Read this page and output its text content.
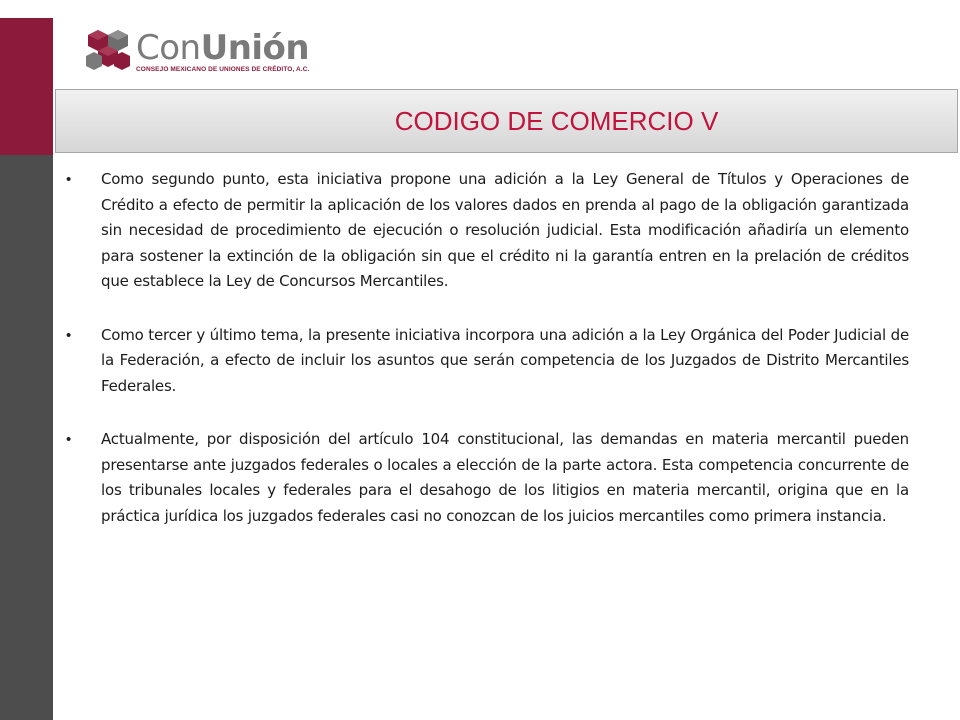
ConUnión
CONSEJO MEXICANO DE UNIONES DE CRÉDITO, A.C.
CODIGO DE COMERCIO V
• Como segundo punto, esta iniciativa propone una adición a la Ley General de Títulos y Operaciones de Crédito a efecto de permitir la aplicación de los valores dados en prenda al pago de la obligación garantizada sin necesidad de procedimiento de ejecución o resolución judicial. Esta modificación añadiría un elemento para sostener la extinción de la obligación sin que el crédito ni la garantía entren en la prelación de créditos que establece la Ley de Concursos Mercantiles.

• Como tercer y último tema, la presente iniciativa incorpora una adición a la Ley Orgánica del Poder Judicial de la Federación, a efecto de incluir los asuntos que serán competencia de los Juzgados de Distrito Mercantiles Federales.

• Actualmente, por disposición del artículo 104 constitucional, las demandas en materia mercantil pueden presentarse ante juzgados federales o locales a elección de la parte actora. Esta competencia concurrente de los tribunales locales y federales para el desahogo de los litigios en materia mercantil, origina que en la práctica jurídica los juzgados federales casi no conozcan de los juicios mercantiles como primera instancia.
